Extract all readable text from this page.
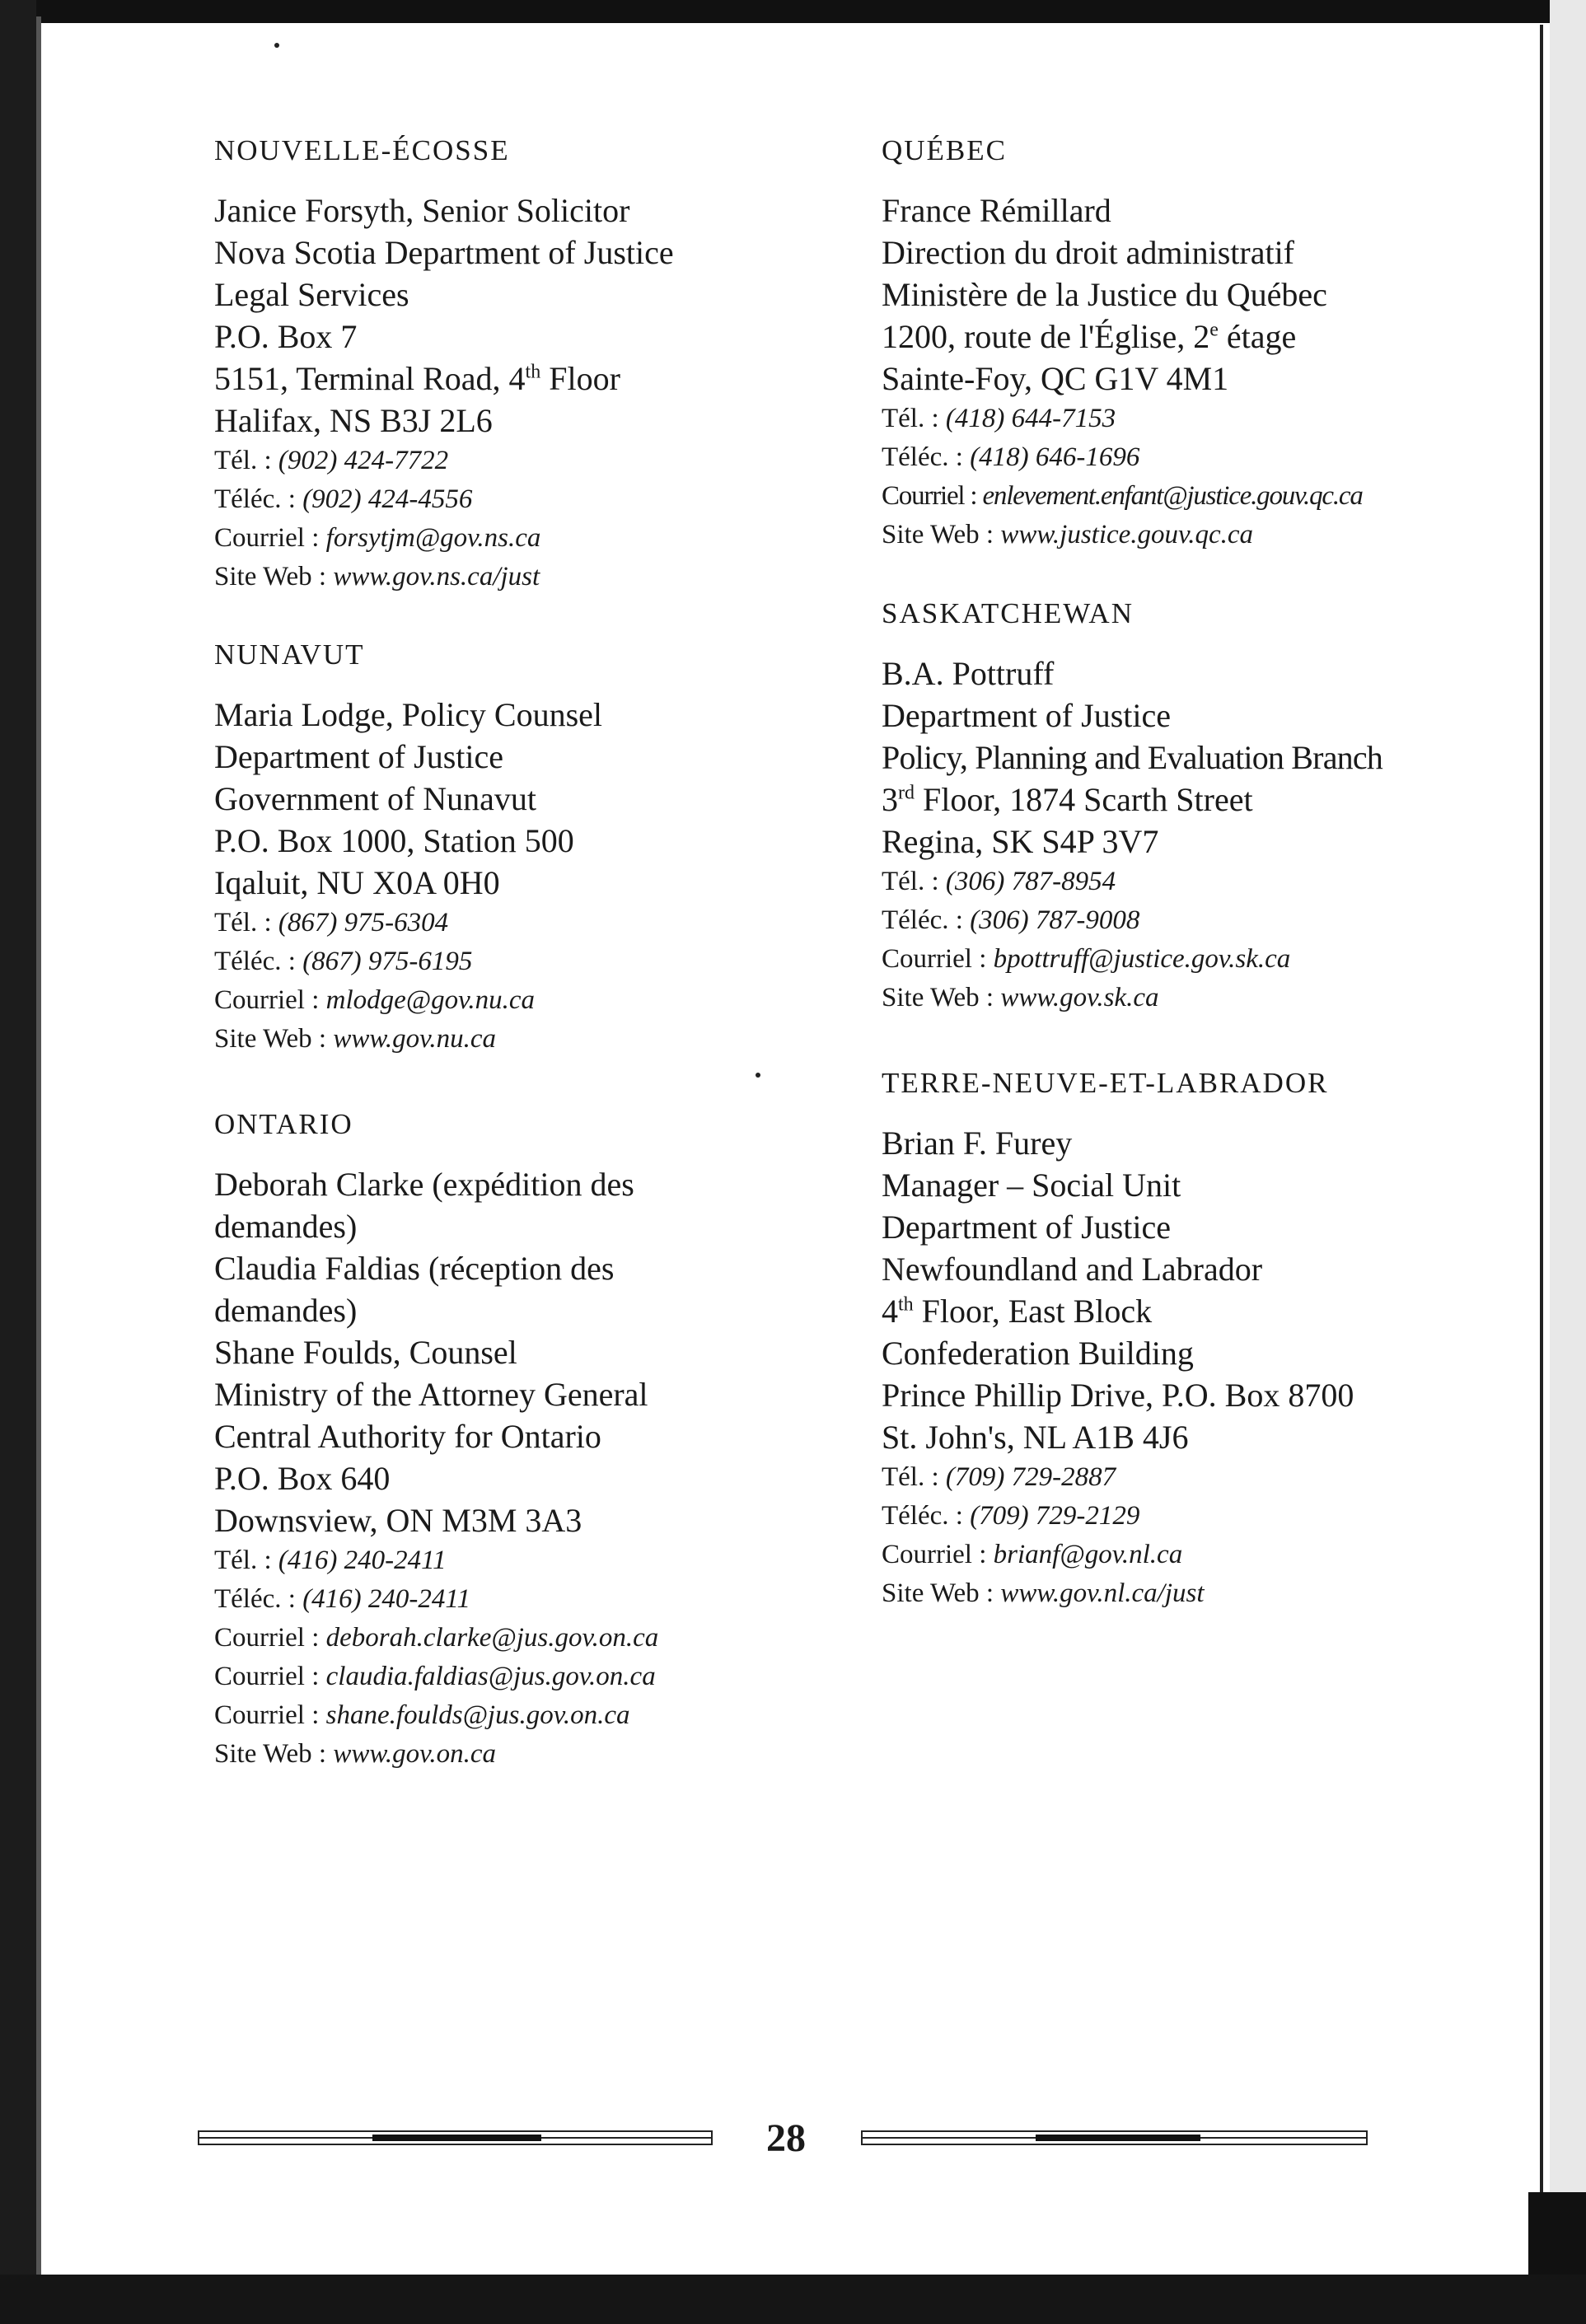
NOUVELLE-ÉCOSSE

Janice Forsyth, Senior Solicitor

Nova Scotia Department of Justice

Legal Services

P.O. Box 7

5151, Terminal Road, 4th Floor

Halifax, NS B3J 2L6

Tél. : (902) 424-7722

Téléc. : (902) 424-4556

Courriel : forsytjm@gov.ns.ca

Site Web : www.gov.ns.ca/just

NUNAVUT

Maria Lodge, Policy Counsel

Department of Justice

Government of Nunavut

P.O. Box 1000, Station 500

Iqaluit, NU X0A 0H0

Tél. : (867) 975-6304

Téléc. : (867) 975-6195

Courriel : mlodge@gov.nu.ca

Site Web : www.gov.nu.ca

ONTARIO

Deborah Clarke (expédition des

demandes)

Claudia Faldias (réception des

demandes)

Shane Foulds, Counsel

Ministry of the Attorney General

Central Authority for Ontario

P.O. Box 640

Downsview, ON M3M 3A3

Tél. : (416) 240-2411

Téléc. : (416) 240-2411

Courriel : deborah.clarke@jus.gov.on.ca

Courriel : claudia.faldias@jus.gov.on.ca

Courriel : shane.foulds@jus.gov.on.ca

Site Web : www.gov.on.ca

QUÉBEC

France Rémillard

Direction du droit administratif

Ministère de la Justice du Québec

1200, route de l'Église, 2e étage

Sainte-Foy, QC G1V 4M1

Tél. : (418) 644-7153

Téléc. : (418) 646-1696

Courriel : enlevement.enfant@justice.gouv.qc.ca

Site Web : www.justice.gouv.qc.ca

SASKATCHEWAN

B.A. Pottruff

Department of Justice

Policy, Planning and Evaluation Branch

3rd Floor, 1874 Scarth Street

Regina, SK S4P 3V7

Tél. : (306) 787-8954

Téléc. : (306) 787-9008

Courriel : bpottruff@justice.gov.sk.ca

Site Web : www.gov.sk.ca

TERRE-NEUVE-ET-LABRADOR

Brian F. Furey

Manager – Social Unit

Department of Justice

Newfoundland and Labrador

4th Floor, East Block

Confederation Building

Prince Phillip Drive, P.O. Box 8700

St. John's, NL A1B 4J6

Tél. : (709) 729-2887

Téléc. : (709) 729-2129

Courriel : brianf@gov.nl.ca

Site Web : www.gov.nl.ca/just

28
